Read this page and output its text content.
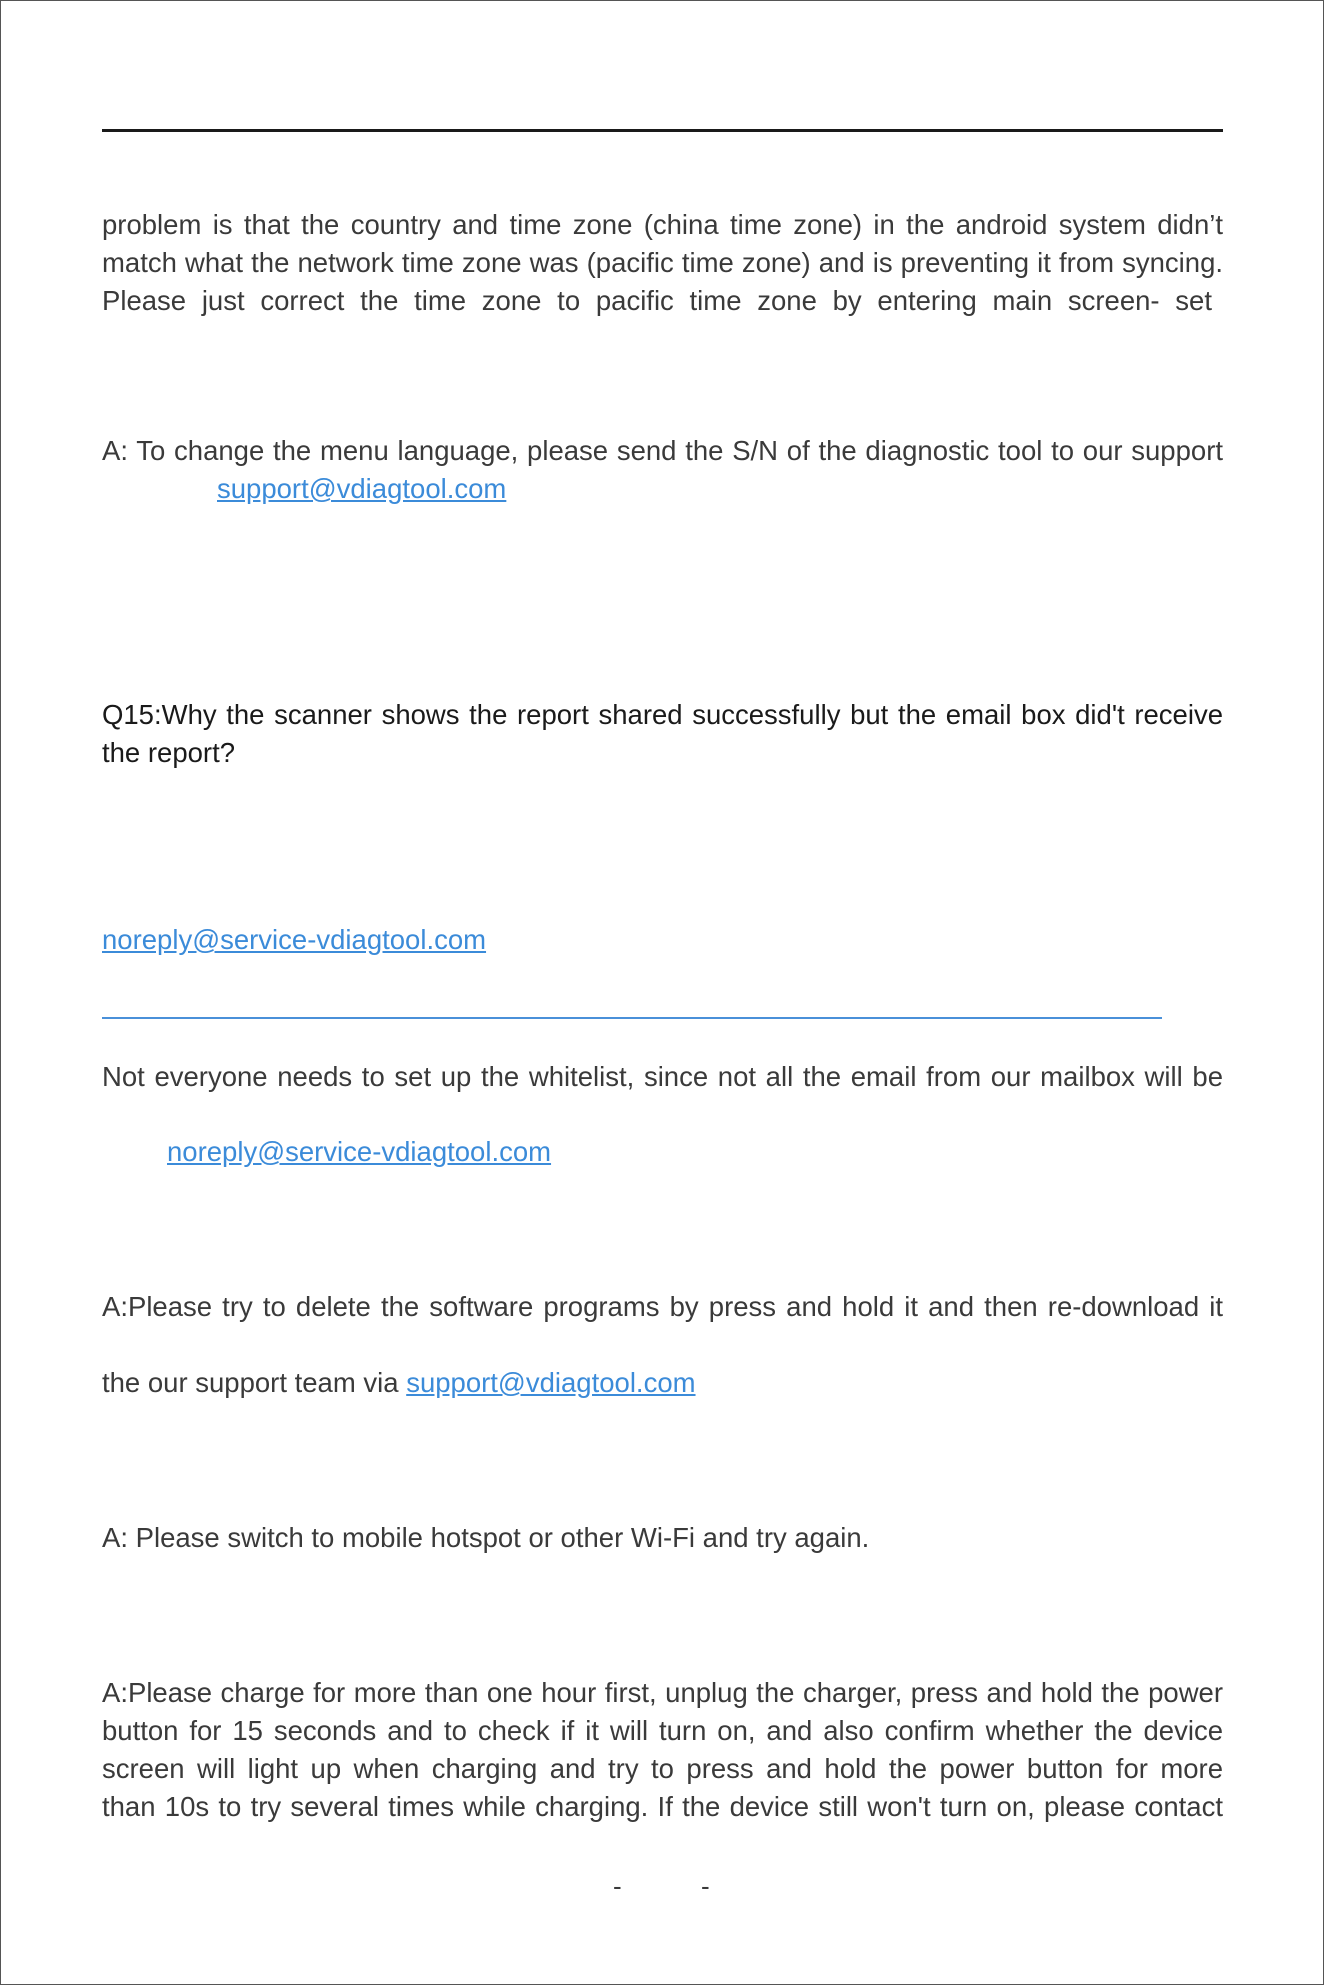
problem is that the country and time zone (china time zone) in the android system didn’t
match what the network time zone was (pacific time zone) and is preventing it from syncing.
Please just correct the time zone to pacific time zone by entering main screen- set
A: To change the menu language, please send the S/N of the diagnostic tool to our support
support@vdiagtool.com
Q15:Why the scanner shows the report shared successfully but the email box did't receive
the report?
noreply@service-vdiagtool.com
Not everyone needs to set up the whitelist, since not all the email from our mailbox will be
noreply@service-vdiagtool.com
A:Please try to delete the software programs by press and hold it and then re-download it
the our support team via support@vdiagtool.com
A: Please switch to mobile hotspot or other Wi-Fi and try again.
A:Please charge for more than one hour first, unplug the charger, press and hold the power
button for 15 seconds and to check if it will turn on, and also confirm whether the device
screen will light up when charging and try to press and hold the power button for more
than 10s to try several times while charging. If the device still won't turn on, please contact
-	-
